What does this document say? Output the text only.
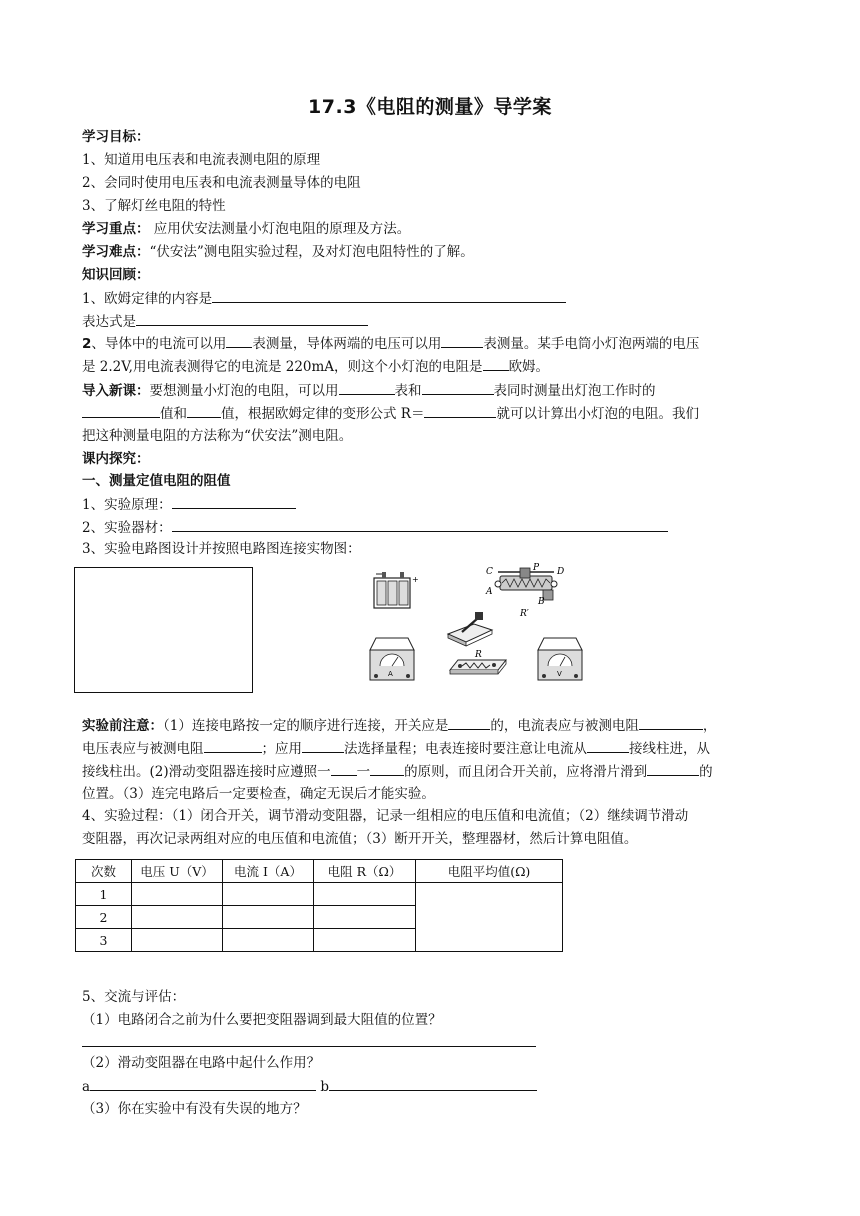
17.3《电阻的测量》导学案
学习目标：
1、知道用电压表和电流表测电阻的原理
2、会同时使用电压表和电流表测量导体的电阻
3、了解灯丝电阻的特性
学习重点： 应用伏安法测量小灯泡电阻的原理及方法。
学习难点：“伏安法”测电阻实验过程，及对灯泡电阻特性的了解。
知识回顾：
1、欧姆定律的内容是
表达式是
2、导体中的电流可以用 表测量，导体两端的电压可以用	表测量。某手电筒小灯泡两端的电压
是 2.2V,用电流表测得它的电流是 220mA，则这个小灯泡的电阻是 欧姆。
导入新课：要想测量小灯泡的电阻，可以用	表和	表同时测量出灯泡工作时的
值和	值，根据欧姆定律的变形公式 R＝	就可以计算出小灯泡的电阻。我们
把这种测量电阻的方法称为“伏安法”测电阻。
课内探究：
一、测量定值电阻的阻值
1、实验原理：
2、实验器材：
3、实验电路图设计并按照电路图连接实物图：
+
C	P D
A
B
R′
A
R
V
实验前注意：（1）连接电路按一定的顺序进行连接，开关应是	的，电流表应与被测电阻	，
电压表应与被测电阻	；应用	法选择量程；电表连接时要注意让电流从	接线柱进，从
接线柱出。(2)滑动变阻器连接时应遵照一 一	的原则，而且闭合开关前，应将滑片滑到	的
位置。（3）连完电路后一定要检查，确定无误后才能实验。
4、实验过程：（1）闭合开关，调节滑动变阻器，记录一组相应的电压值和电流值；（2）继续调节滑动
变阻器，再次记录两组对应的电压值和电流值；（3）断开开关，整理器材，然后计算电阻值。
次数	电压 U（V）	电流 I（A）	电阻 R（Ω）	电阻平均值(Ω)
1				
2				
3				
5、交流与评估：
（1）电路闭合之前为什么要把变阻器调到最大阻值的位置？
（2）滑动变阻器在电路中起什么作用？
a	b
（3）你在实验中有没有失误的地方？
